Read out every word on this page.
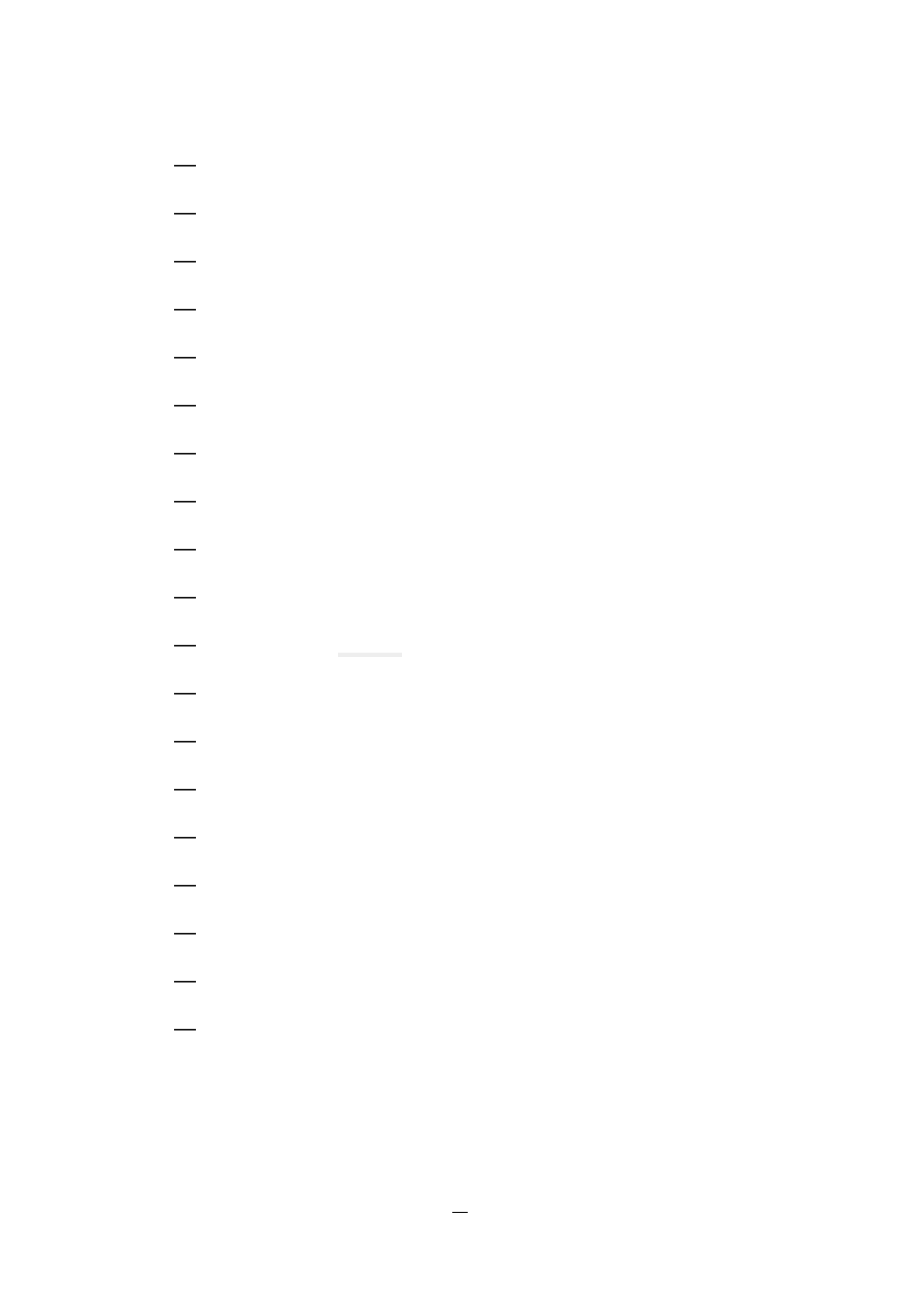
—
—
—
—
—
—
—
—
—
—
—
—
—
—
—
—
—
—
—
—
—
